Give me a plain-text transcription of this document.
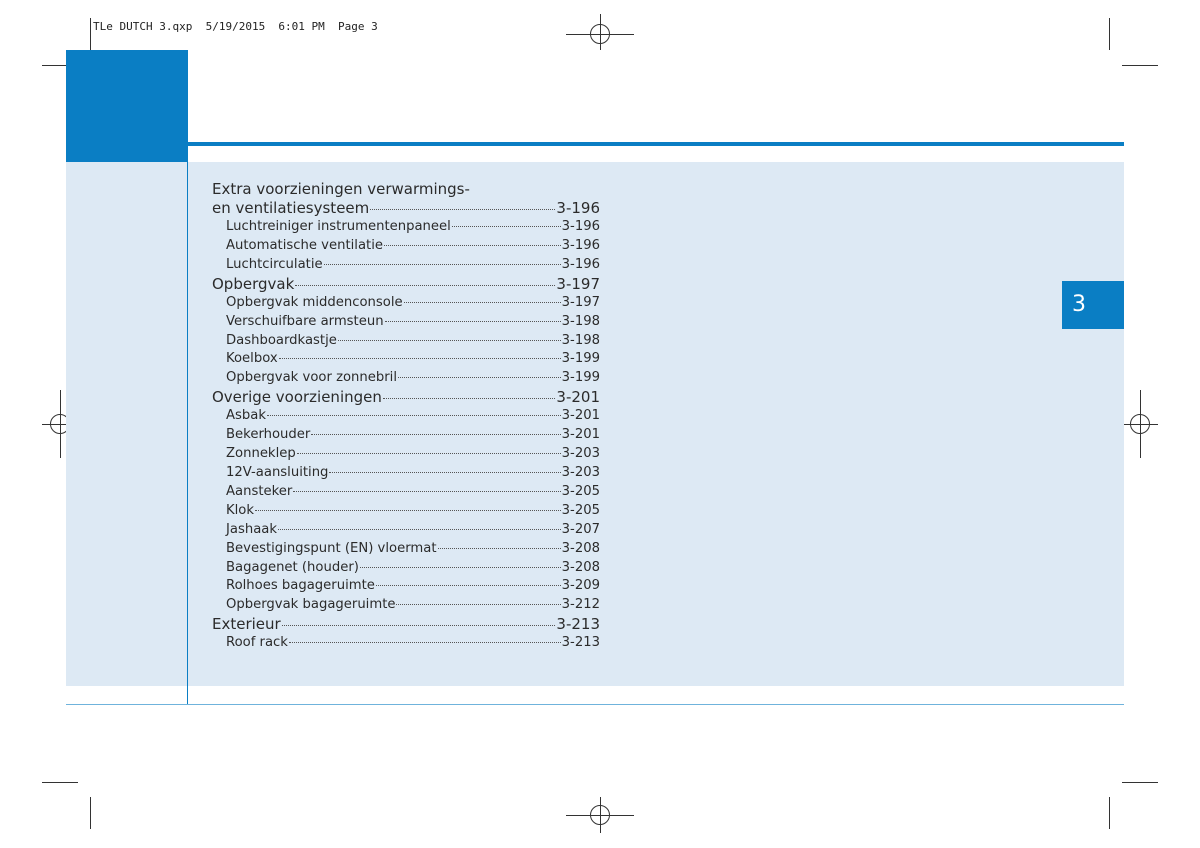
TLe DUTCH 3.qxp  5/19/2015  6:01 PM  Page 3
3
Extra voorzieningen verwarmings-
en ventilatiesysteem	3-196
Luchtreiniger instrumentenpaneel	3-196
Automatische ventilatie	3-196
Luchtcirculatie	3-196
Opbergvak	3-197
Opbergvak middenconsole	3-197
Verschuifbare armsteun	3-198
Dashboardkastje	3-198
Koelbox	3-199
Opbergvak voor zonnebril	3-199
Overige voorzieningen	3-201
Asbak	3-201
Bekerhouder	3-201
Zonneklep	3-203
12V-aansluiting	3-203
Aansteker	3-205
Klok	3-205
Jashaak	3-207
Bevestigingspunt (EN) vloermat	3-208
Bagagenet (houder)	3-208
Rolhoes bagageruimte	3-209
Opbergvak bagageruimte	3-212
Exterieur	3-213
Roof rack	3-213
